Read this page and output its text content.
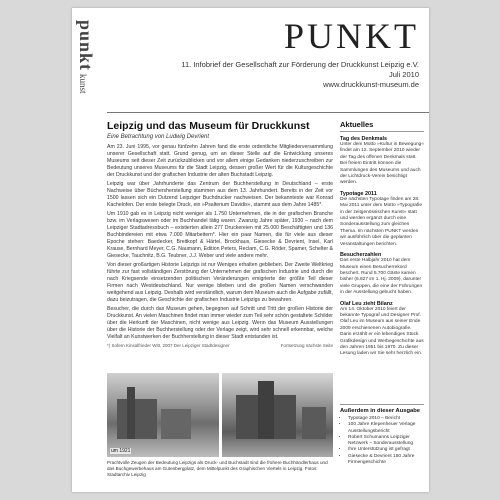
punktkunst
PUNKT
11. Infobrief der Gesellschaft zur Förderung der Druckkunst Leipzig e.V.
Juli 2010
www.druckkunst-museum.de
Leipzig und das Museum für Druckkunst
Eine Betrachtung von Ludwig Devrient

Am 23. Juni 1995, vor genau fünfzehn Jahren fand die erste ordentliche Mitgliederversammlung unserer Gesellschaft statt. Grund genug, um an dieser Stelle auf die Entwicklung unseres Museums seit dieser Zeit zurückzublicken und vor allem einige Gedanken niederzuschreiben zur Bedeutung unseres Museums für die Stadt Leipzig, dessen großer Wert für die Kulturgeschichte der Druckkunst und der grafischen Industrie der alten Buchstadt Leipzig.

Leipzig war über Jahrhunderte das Zentrum der Buchherstellung in Deutschland – erste Nachweise über Büchersherstellung stammen aus dem 13. Jahrhundert. Bereits in der Zeit vor 1500 lassen sich ein Dutzend Leipziger Buchdrucker nachweisen. Der bekannteste war Konrad Kachelofen. Der erste belegte Druck, ein »Psalterium Davidis«, stammt aus dem Jahre 1485*.

Um 1910 gab es in Leipzig nicht weniger als 1.750 Unternehmen, die in der grafischen Branche bzw. im Verlagswesen oder im Buchhandel tätig waren. Zwanzig Jahre später, 1930 – nach dem Leipziger Stadtadressbuch – existierten allein 277 Druckereien mit 25.000 Beschäftigten und 136 Buchbindereien mit etwa 7.000 Mitarbeitern*. Hier ein paar Namen, die für viele aus dieser Epoche stehen: Baedecker, Breitkopf & Härtel, Brockhaus, Giesecke & Devrient, Insel, Karl Krause, Bernhard Meyer, C.G. Naumann, Edition Peters, Reclam, C.G. Röder, Spamer, Schelter & Giesecke, Tauchnitz, B.G. Teubner, J.J. Weber und viele andere mehr.

Von dieser großartigen Historie Leipzigs ist nur Weniges erhalten geblieben. Der Zweite Weltkrieg führte zur fast vollständigen Zerstörung der Unternehmen der grafischen Industrie und durch die nach Kriegsende einsetzenden politischen Veränderungen emigrierte der größte Teil dieser Firmen nach Westdeutschland. Nur wenige blieben und die großen Namen verschwanden weitgehend aus Leipzig. Deshalb wird verständlich, warum dem Museum auch die Aufgabe zufällt, dazu beizutragen, die Geschichte der grafischen Industrie Leipzigs zu bewahren.

Besucher, die durch das Museum gehen, begegnen auf Schritt und Tritt der großen Historie der Druckkunst. An vielen Maschinen findet man immer wieder zum Teil sehr schön gestaltete Schilder über die Herkunft der Maschinen, nicht wenige aus Leipzig. Wenn das Museum Ausstellungen über die Historie der Buchherstellung oder der Verlage zeigt, wird sehr schnell erkennbar, welche Vielfalt an Kunstwerken der Buchherstellung in dieser Stadt entstanden ist.

*) Sofern Kinsalfrieder Witt, 2007 Der Leipziger Stadtdesigner	Fortsetzung nächste Seite
um 1921
Prachtvolle Zeugen der Bedeutung Leipzigs als Druck- und Buchstadt sind die frühere Buchhändlerhaus und das Buchgewerbehaus am Gutenbergplatz, dem Mittelpunkt des Graphischen Viertels in Leipzig. Fotos: Stadtarchiv Leipzig
Aktuelles
Tag des Denkmals
Unter dem Motto »Kultur in Bewegung« findet am 12. September 2010 wieder der Tag des offenen Denkmals statt. Bei freiem Eintritt können die Sammlungen des Museums und auch der Lichtdruck-Verein besichtigt werden.
Typotage 2011
Die nächsten Typotage finden am 28. Mai 2011 unter dem Motto »Typografie in der zeitgenössischen Kunst« statt und werden ergänzt durch eine Sonderausstellung zum gleichen Thema. Im nächsten PUNKT werden wir ausführlich über die geplanten Veranstaltungen berichten.
Besucherzahlen
Das erste Halbjahr 2010 hat dem Museum einen Besucherrekord beschert. Rund 5.700 Gäste kamen bisher (6.827 im 1. Hj. 2009), darunter viele Gruppen, die eine der Führungen in der Ausstellung gebucht haben.
Olaf Leu zieht Bilanz
Am 14. Oktober 2010 feiert der bekannte Typograf und Designer Prof. Olaf Leu im Museum aus seiner Ende 2009 erschienenen Autobiografie. Darin erzählt er ein lebendiges Stück Grafikdesign und Werbegeschichte aus den Jahren 1951 bis 1970. Zu dieser Lesung laden wir Sie sehr herzlich ein.
Außerdem in dieser Ausgabe
• Typotage 2010 – Bericht
• 100 Jahre Klepenheuer Verlage Ausstellungsbericht
• Robert Schumanns Leipziger Netzwerk – Sonderausstellung
• Ihre Unterstützung ist gefragt
• Giesecke & Devrient 150 Jahre Firmengeschichte
